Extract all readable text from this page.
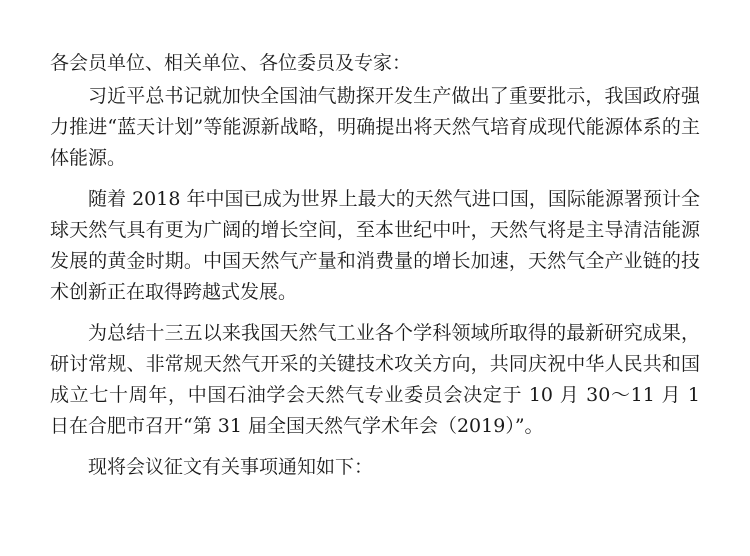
各会员单位、相关单位、各位委员及专家：

习近平总书记就加快全国油气勘探开发生产做出了重要批示，我国政府强力推进“蓝天计划”等能源新战略，明确提出将天然气培育成现代能源体系的主体能源。

随着 2018 年中国已成为世界上最大的天然气进口国，国际能源署预计全球天然气具有更为广阔的增长空间，至本世纪中叶，天然气将是主导清洁能源发展的黄金时期。中国天然气产量和消费量的增长加速，天然气全产业链的技术创新正在取得跨越式发展。

为总结十三五以来我国天然气工业各个学科领域所取得的最新研究成果，研讨常规、非常规天然气开采的关键技术攻关方向，共同庆祝中华人民共和国成立七十周年，中国石油学会天然气专业委员会决定于 10 月 30～11 月 1 日在合肥市召开“第 31 届全国天然气学术年会（2019）”。

现将会议征文有关事项通知如下：
